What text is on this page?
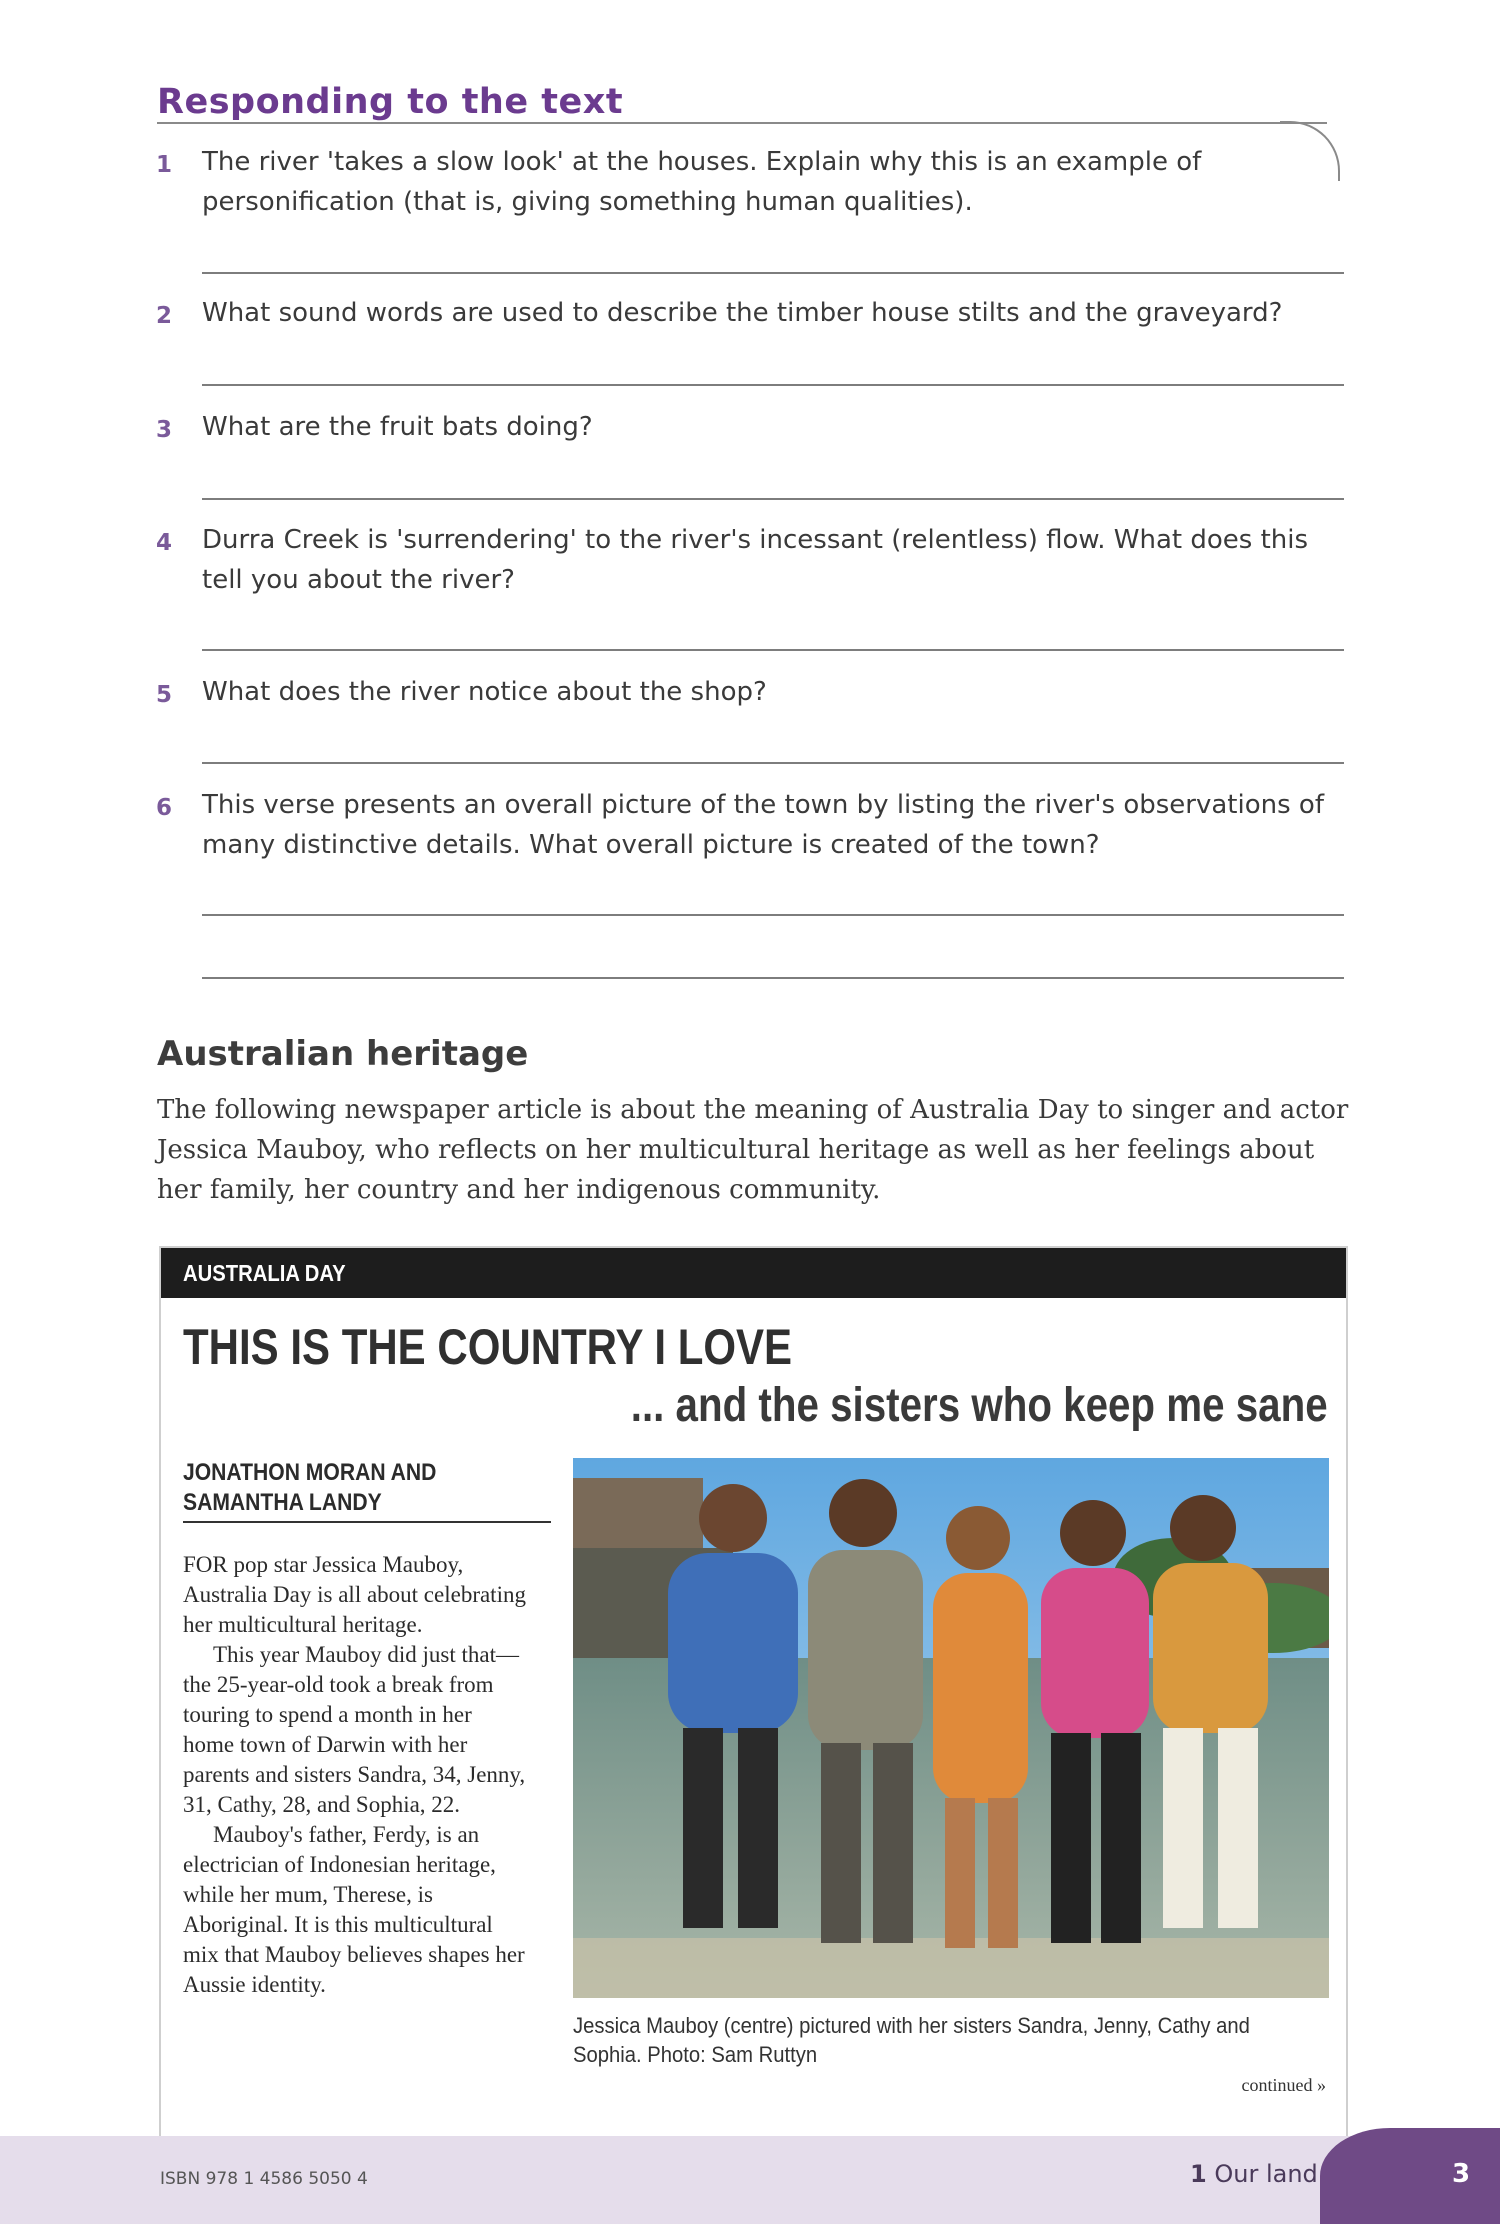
Responding to the text
1 The river 'takes a slow look' at the houses. Explain why this is an example of personification (that is, giving something human qualities).
2 What sound words are used to describe the timber house stilts and the graveyard?
3 What are the fruit bats doing?
4 Durra Creek is 'surrendering' to the river's incessant (relentless) flow. What does this tell you about the river?
5 What does the river notice about the shop?
6 This verse presents an overall picture of the town by listing the river's observations of many distinctive details. What overall picture is created of the town?
Australian heritage
The following newspaper article is about the meaning of Australia Day to singer and actor Jessica Mauboy, who reflects on her multicultural heritage as well as her feelings about her family, her country and her indigenous community.
AUSTRALIA DAY
THIS IS THE COUNTRY I LOVE
... and the sisters who keep me sane
JONATHON MORAN AND SAMANTHA LANDY

FOR pop star Jessica Mauboy, Australia Day is all about celebrating her multicultural heritage.

This year Mauboy did just that—the 25-year-old took a break from touring to spend a month in her home town of Darwin with her parents and sisters Sandra, 34, Jenny, 31, Cathy, 28, and Sophia, 22.

Mauboy's father, Ferdy, is an electrician of Indonesian heritage, while her mum, Therese, is Aboriginal. It is this multicultural mix that Mauboy believes shapes her Aussie identity.

Jessica Mauboy (centre) pictured with her sisters Sandra, Jenny, Cathy and Sophia. Photo: Sam Ruttyn
continued »
ISBN 978 1 4586 5050 4	1 Our land	3
